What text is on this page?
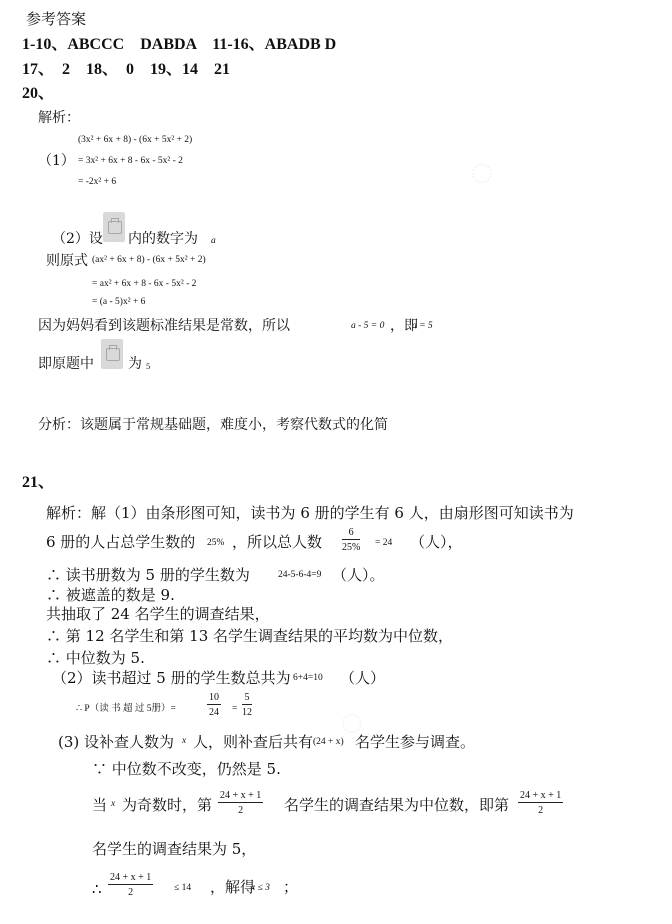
◌
◌
参考答案
1-10、ABCCC　DABDA　11-16、ABADB D
17、　2　18、　0　19、14　21
20、
解析：
(3x² + 6x + 8) - (6x + 5x² + 2)
（1） = 3x² + 6x + 8 - 6x - 5x² - 2
= -2x² + 6
（2）设 内的数字为 a
则原式 (ax² + 6x + 8) - (6x + 5x² + 2)
= ax² + 6x + 8 - 6x - 5x² - 2
= (a - 5)x² + 6
因为妈妈看到该题标准结果是常数，所以	a - 5 = 0 ，即
a = 5
即原题中 为 5
分析：该题属于常规基础题，难度小，考察代数式的化简
21、
解析：解（1）由条形图可知，读书为 6 册的学生有 6 人，由扇形图可知读书为
6 册的人占总学生数的 25% ，所以总人数 $\frac{6}{25\%} = 24$ （人），
∴ 读书册数为 5 册的学生数为	24-5-6-4=9 （人）。
∴ 被遮盖的数是 9.
共抽取了 24 名学生的调查结果，
∴ 第 12 名学生和第 13 名学生调查结果的平均数为中位数，
∴ 中位数为 5.
（2）读书超过 5 册的学生数总共为 6+4=10 （人）
∴ P（读 书 超 过 5册）=	$\frac{10}{24} = \frac{5}{12}$
(3) 设补查人数为 x 人，则补查后共有 (24 + x) 名学生参与调查。
∵ 中位数不改变，仍然是 5.
当 x 为奇数时，第 $\frac{24 + x + 1}{2}$ 名学生的调查结果为中位数，即第 $\frac{24 + x + 1}{2}$
名学生的调查结果为 5，
∴ $\frac{24 + x + 1}{2} \le 14$ ，解得
x ≤ 3 ；
